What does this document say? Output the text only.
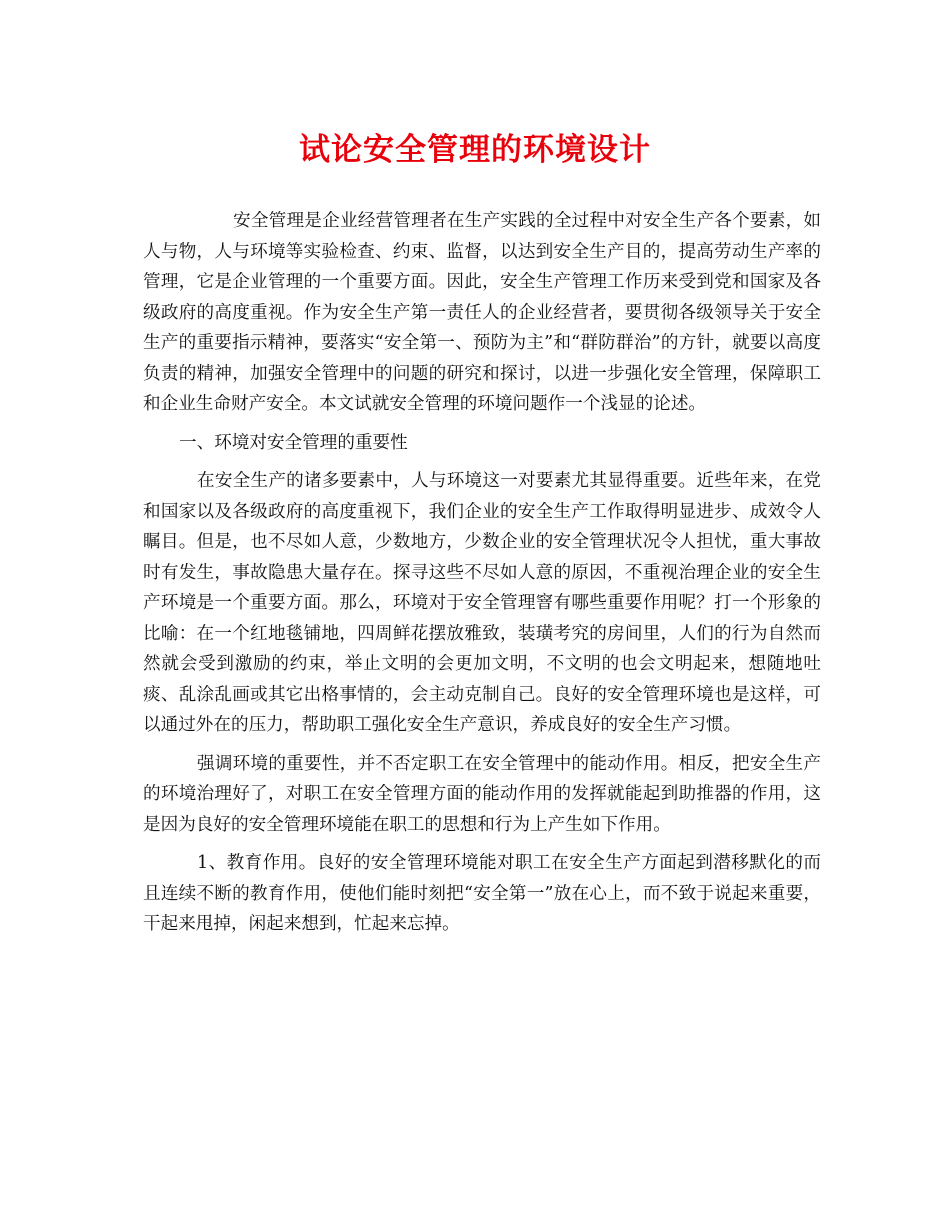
试论安全管理的环境设计

安全管理是企业经营管理者在生产实践的全过程中对安全生产各个要素，如人与物，人与环境等实验检查、约束、监督，以达到安全生产目的，提高劳动生产率的管理，它是企业管理的一个重要方面。因此，安全生产管理工作历来受到党和国家及各级政府的高度重视。作为安全生产第一责任人的企业经营者，要贯彻各级领导关于安全生产的重要指示精神，要落实“安全第一、预防为主”和“群防群治”的方针，就要以高度负责的精神，加强安全管理中的问题的研究和探讨，以进一步强化安全管理，保障职工和企业生命财产安全。本文试就安全管理的环境问题作一个浅显的论述。

一、环境对安全管理的重要性

在安全生产的诸多要素中，人与环境这一对要素尤其显得重要。近些年来，在党和国家以及各级政府的高度重视下，我们企业的安全生产工作取得明显进步、成效令人瞩目。但是，也不尽如人意，少数地方，少数企业的安全管理状况令人担忧，重大事故时有发生，事故隐患大量存在。探寻这些不尽如人意的原因，不重视治理企业的安全生产环境是一个重要方面。那么，环境对于安全管理窨有哪些重要作用呢？打一个形象的比喻：在一个红地毯铺地，四周鲜花摆放雅致，装璜考究的房间里，人们的行为自然而然就会受到激励的约束，举止文明的会更加文明，不文明的也会文明起来，想随地吐痰、乱涂乱画或其它出格事情的，会主动克制自己。良好的安全管理环境也是这样，可以通过外在的压力，帮助职工强化安全生产意识，养成良好的安全生产习惯。

强调环境的重要性，并不否定职工在安全管理中的能动作用。相反，把安全生产的环境治理好了，对职工在安全管理方面的能动作用的发挥就能起到助推器的作用，这是因为良好的安全管理环境能在职工的思想和行为上产生如下作用。

1、教育作用。良好的安全管理环境能对职工在安全生产方面起到潜移默化的而且连续不断的教育作用，使他们能时刻把“安全第一”放在心上，而不致于说起来重要，干起来甩掉，闲起来想到，忙起来忘掉。
